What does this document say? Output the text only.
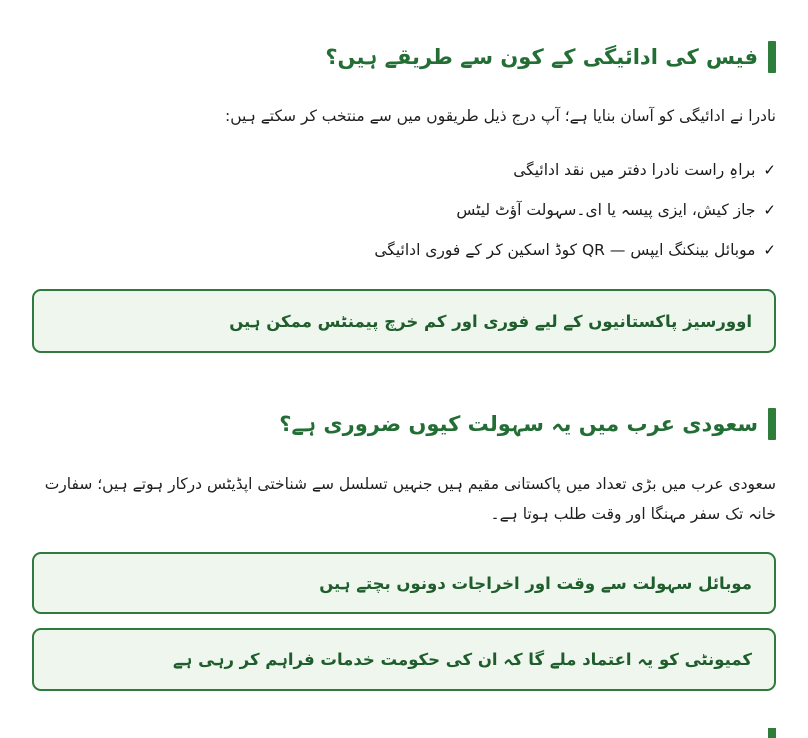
فیس کی ادائیگی کے کون سے طریقے ہیں؟

نادرا نے ادائیگی کو آسان بنایا ہے؛ آپ درج ذیل طریقوں میں سے منتخب کر سکتے ہیں:

✓
براہِ راست نادرا دفتر میں نقد ادائیگی
✓
جاز کیش، ایزی پیسہ یا ای۔سہولت آؤٹ لیٹس
✓
موبائل بینکنگ ایپس — QR کوڈ اسکین کر کے فوری ادائیگی
اوورسیز پاکستانیوں کے لیے فوری اور کم خرچ پیمنٹس ممکن ہیں
سعودی عرب میں یہ سہولت کیوں ضروری ہے؟

سعودی عرب میں بڑی تعداد میں پاکستانی مقیم ہیں جنہیں تسلسل سے شناختی اپڈیٹس درکار ہوتے ہیں؛ سفارت خانہ تک سفر مہنگا اور وقت طلب ہوتا ہے۔

موبائل سہولت سے وقت اور اخراجات دونوں بچتے ہیں
کمیونٹی کو یہ اعتماد ملے گا کہ ان کی حکومت خدمات فراہم کر رہی ہے
